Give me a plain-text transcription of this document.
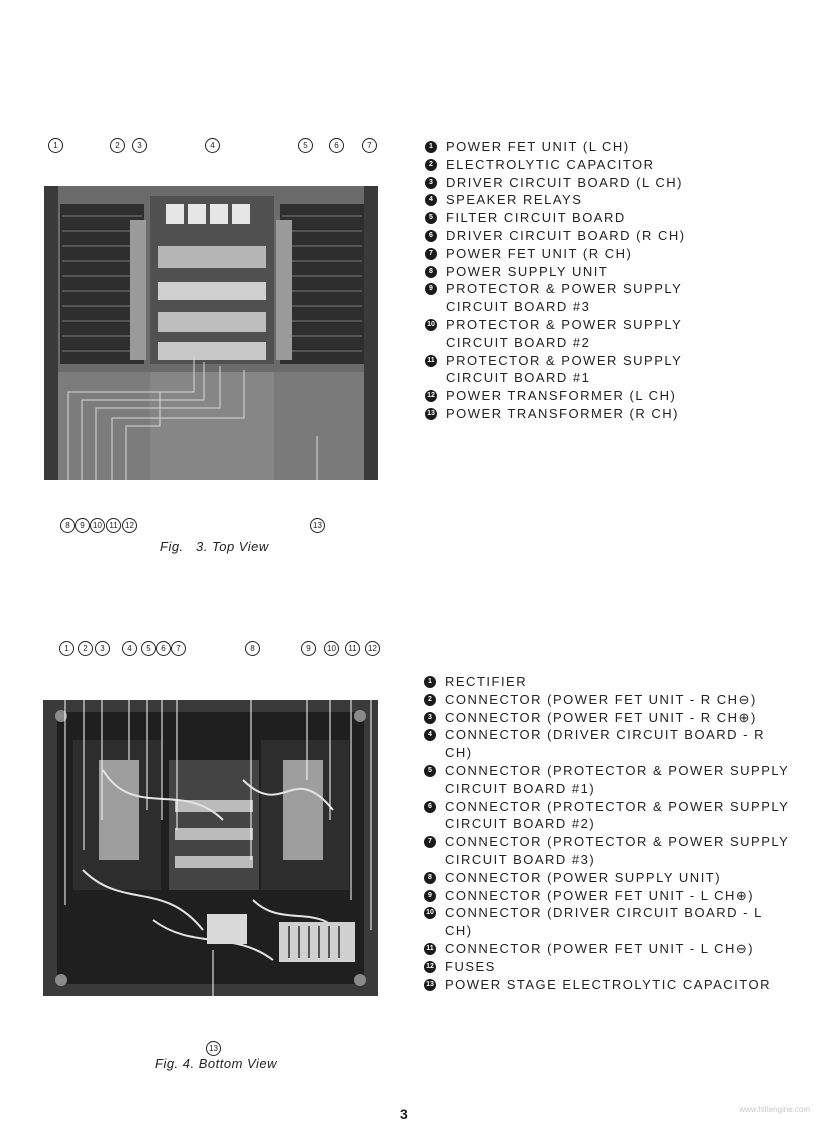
1	2	3	4	5	6	7
8	9	10 11 12	13
Fig.   3. Top View
1	POWER FET UNIT (L CH)
2	ELECTROLYTIC CAPACITOR
3	DRIVER CIRCUIT BOARD (L CH)
4	SPEAKER RELAYS
5	FILTER CIRCUIT BOARD
6	DRIVER CIRCUIT BOARD (R CH)
7	POWER FET UNIT (R CH)
8	POWER SUPPLY UNIT
9	PROTECTOR & POWER SUPPLY CIRCUIT BOARD #3
10 PROTECTOR & POWER SUPPLY CIRCUIT BOARD #2
11 PROTECTOR & POWER SUPPLY CIRCUIT BOARD #1
12 POWER TRANSFORMER (L CH)
13 POWER TRANSFORMER (R CH)
1	2	3	4	5	6	7	8	9	10	11	12
13
Fig. 4. Bottom View
1	RECTIFIER
2	CONNECTOR (POWER FET UNIT - R CH⊖)
3	CONNECTOR (POWER FET UNIT - R CH⊕)
4	CONNECTOR (DRIVER CIRCUIT BOARD - R CH)
5	CONNECTOR (PROTECTOR & POWER SUPPLY CIRCUIT BOARD #1)
6	CONNECTOR (PROTECTOR & POWER SUPPLY CIRCUIT BOARD #2)
7	CONNECTOR (PROTECTOR & POWER SUPPLY CIRCUIT BOARD #3)
8	CONNECTOR (POWER SUPPLY UNIT)
9	CONNECTOR (POWER FET UNIT - L CH⊕)
10 CONNECTOR (DRIVER CIRCUIT BOARD - L CH)
11 CONNECTOR (POWER FET UNIT - L CH⊖)
12 FUSES
13 POWER STAGE ELECTROLYTIC CAPACITOR
3	www.hifiengine.com
